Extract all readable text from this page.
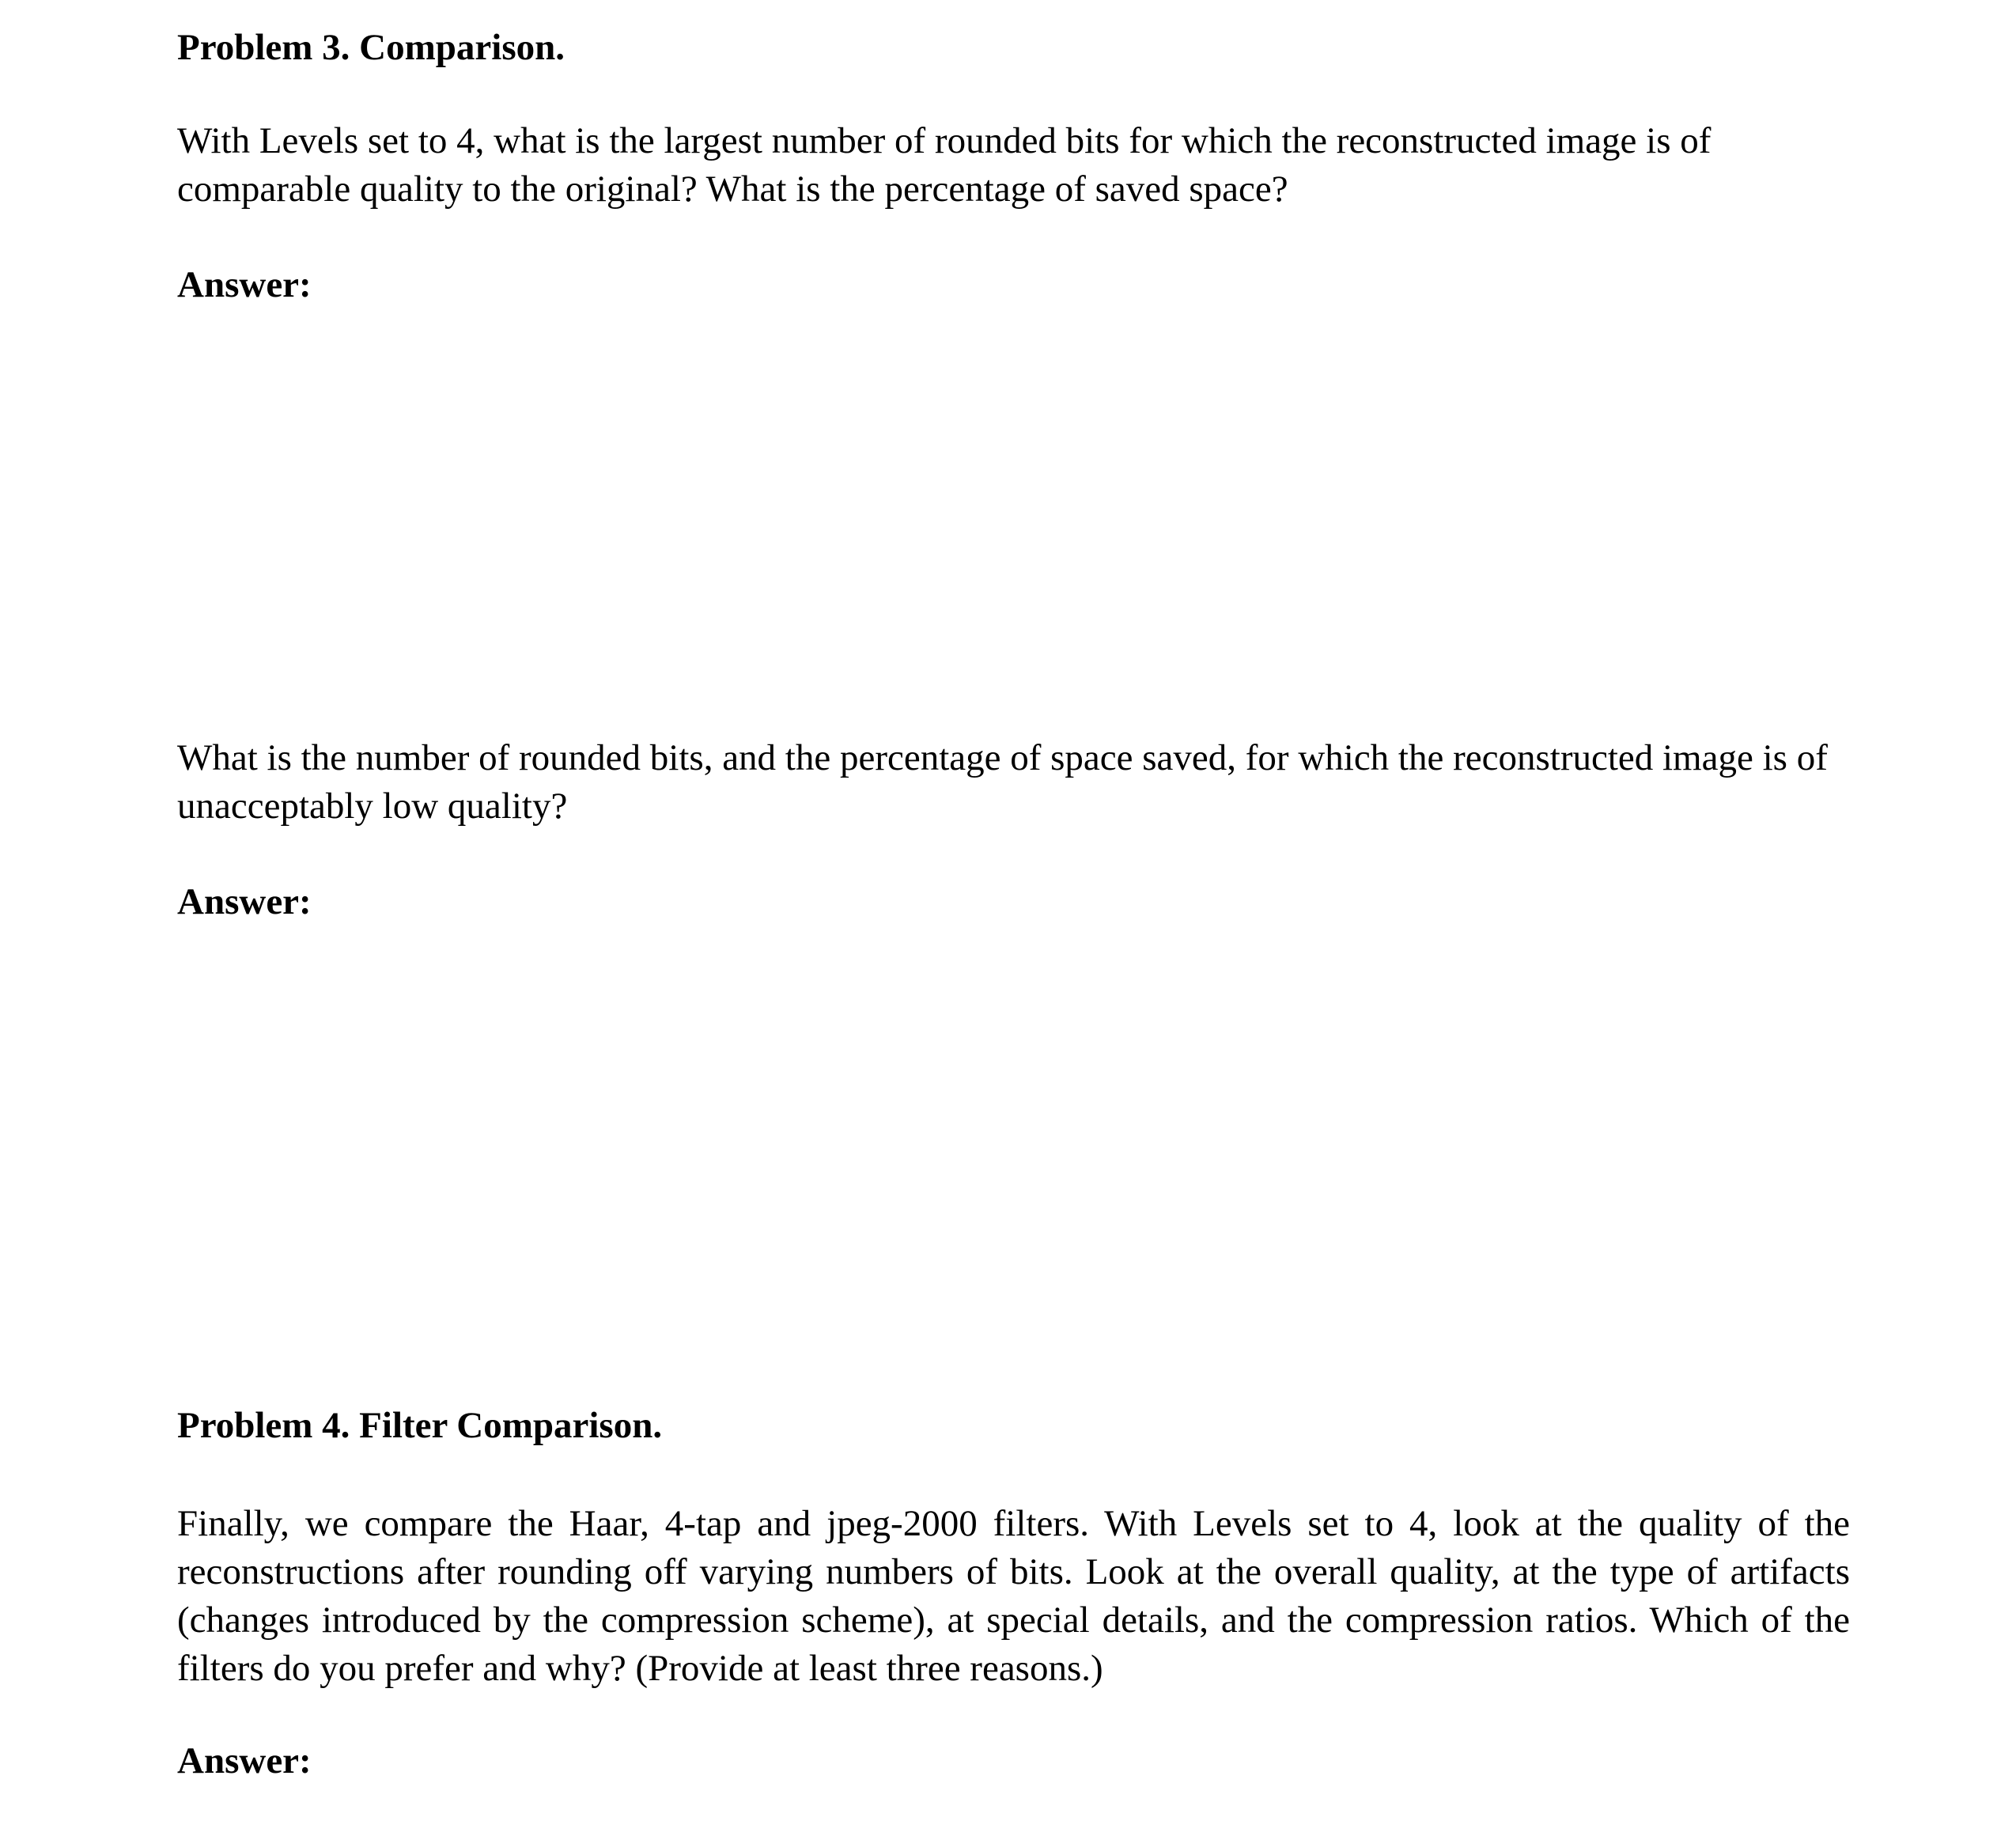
Problem 3. Comparison.

With Levels set to 4, what is the largest number of rounded bits for which the reconstructed image is of comparable quality to the original? What is the percentage of saved space?

Answer:

What is the number of rounded bits, and the percentage of space saved, for which the reconstructed image is of unacceptably low quality?

Answer:

Problem 4. Filter Comparison.

Finally, we compare the Haar, 4-tap and jpeg-2000 filters. With Levels set to 4, look at the quality of the reconstructions after rounding off varying numbers of bits. Look at the overall quality, at the type of artifacts (changes introduced by the compression scheme), at special details, and the compression ratios. Which of the filters do you prefer and why? (Provide at least three reasons.)

Answer:
